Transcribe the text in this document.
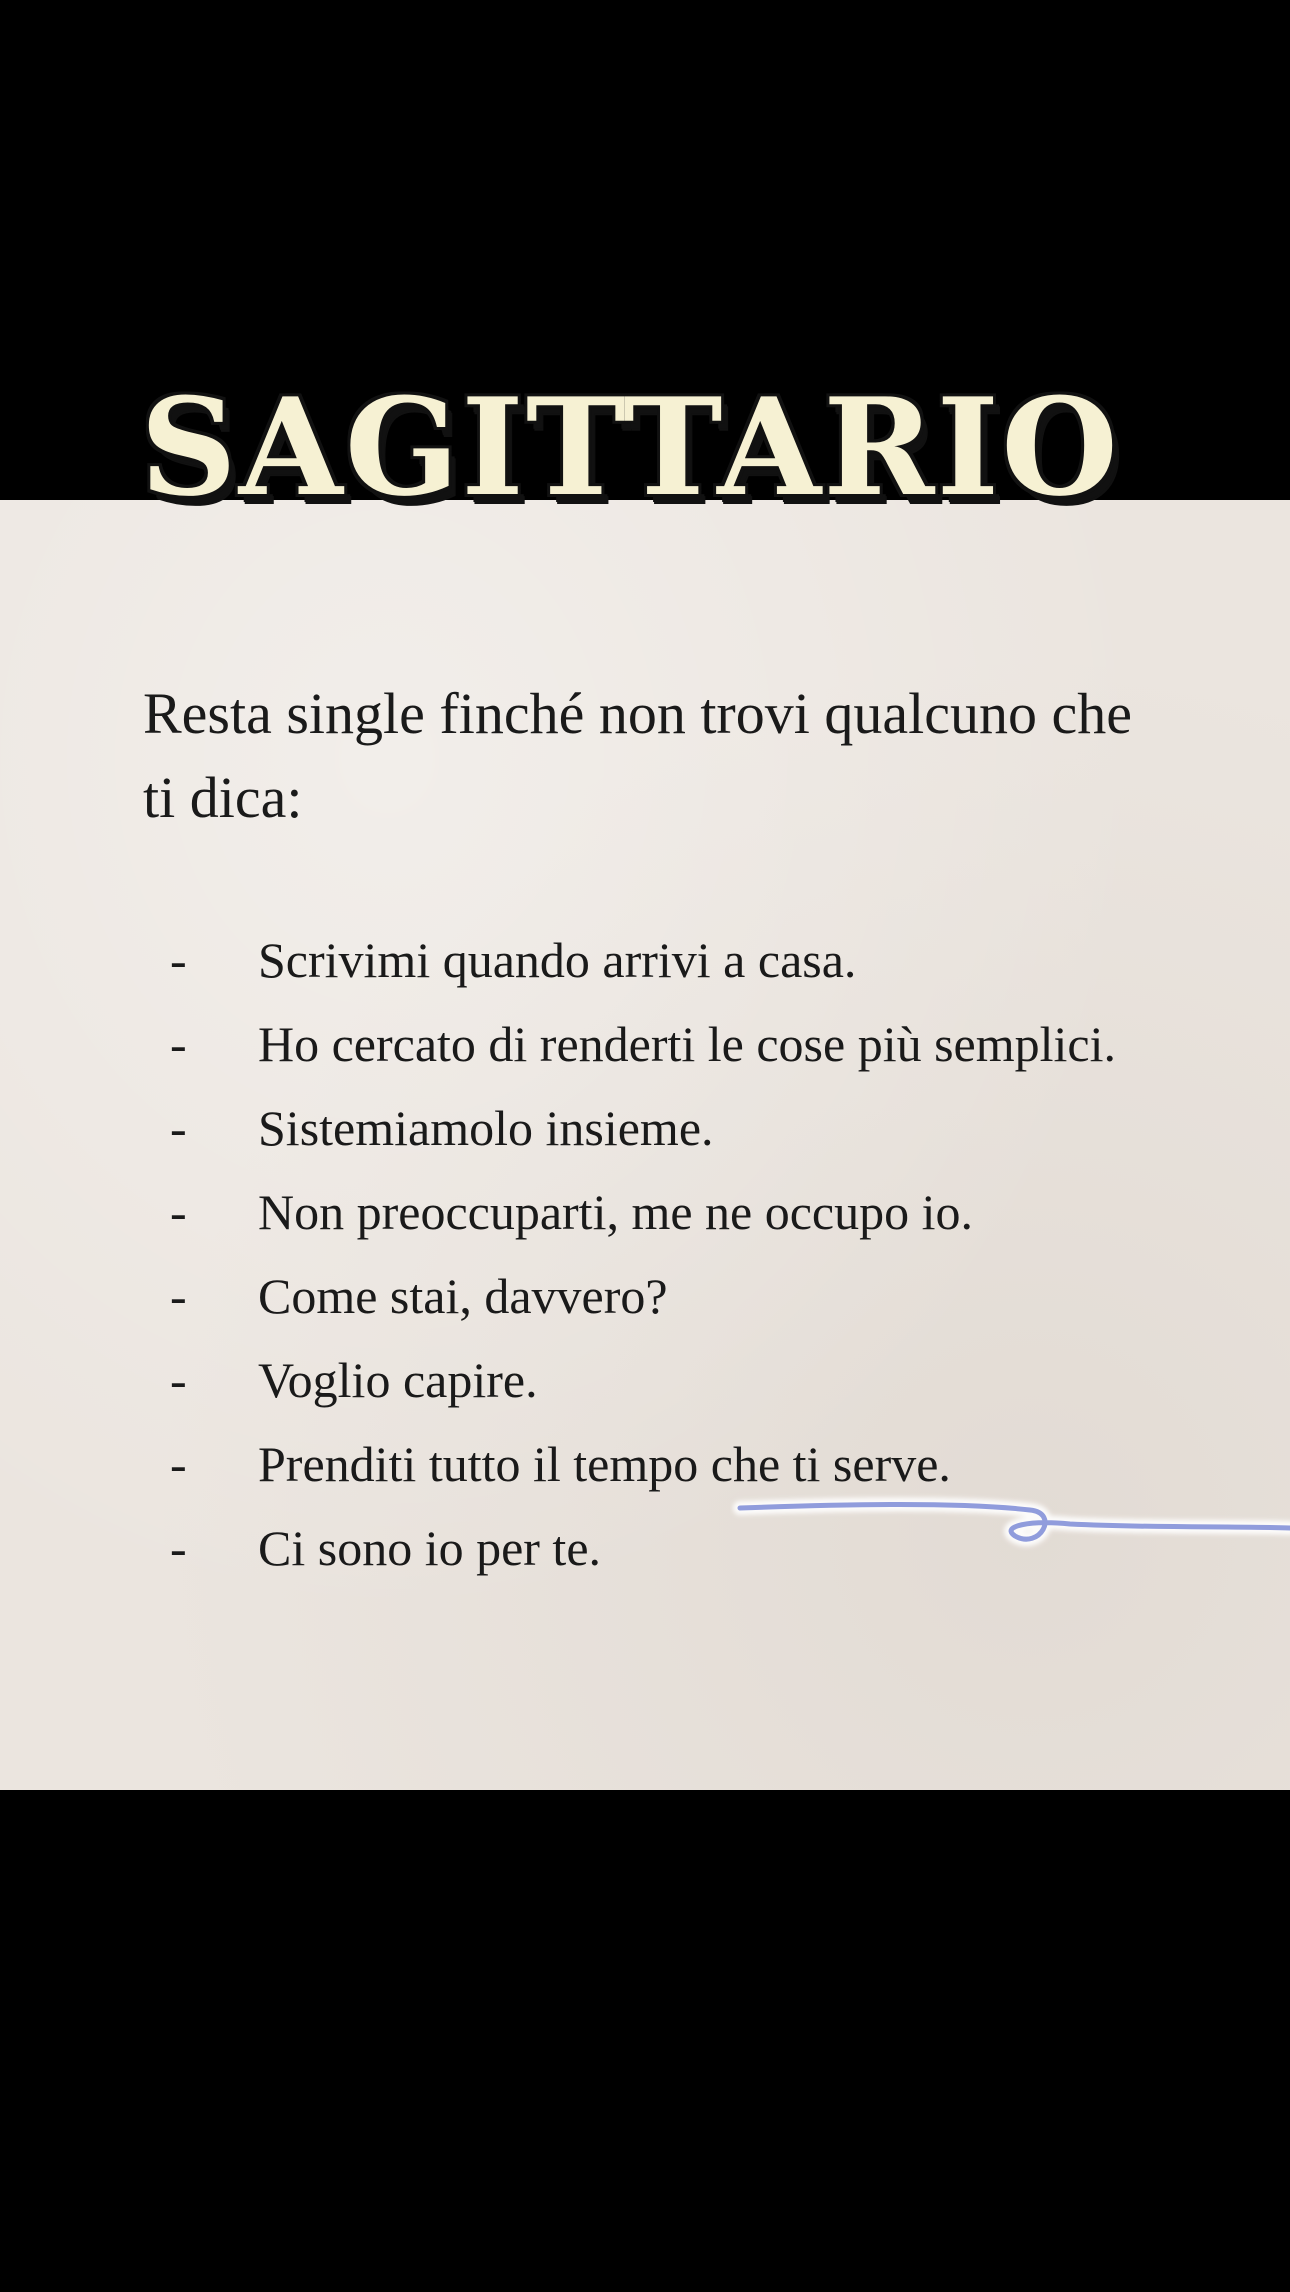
SAGITTARIO

Resta single finché non trovi qualcuno che ti dica:

-	Scrivimi quando arrivi a casa.
-	Ho cercato di renderti le cose più semplici.
-	Sistemiamolo insieme.
-	Non preoccuparti, me ne occupo io.
-	Come stai, davvero?
-	Voglio capire.
-	Prenditi tutto il tempo che ti serve.
-	Ci sono io per te.
